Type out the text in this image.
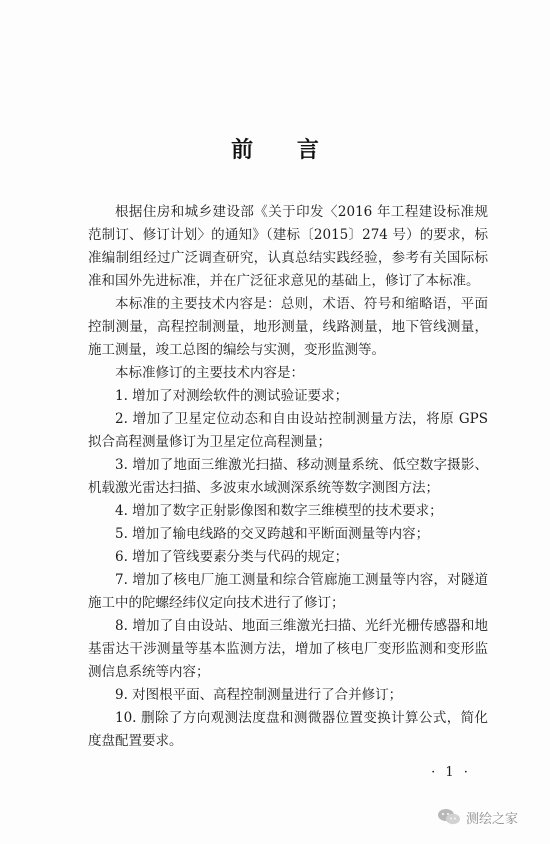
前 言

根据住房和城乡建设部《关于印发〈2016 年工程建设标准规范制订、修订计划〉的通知》（建标〔2015〕274 号）的要求，标准编制组经过广泛调查研究，认真总结实践经验，参考有关国际标准和国外先进标准，并在广泛征求意见的基础上，修订了本标准。

本标准的主要技术内容是：总则，术语、符号和缩略语，平面控制测量，高程控制测量，地形测量，线路测量，地下管线测量，施工测量，竣工总图的编绘与实测，变形监测等。

本标准修订的主要技术内容是：

1. 增加了对测绘软件的测试验证要求；

2. 增加了卫星定位动态和自由设站控制测量方法，将原 GPS 拟合高程测量修订为卫星定位高程测量；

3. 增加了地面三维激光扫描、移动测量系统、低空数字摄影、机载激光雷达扫描、多波束水域测深系统等数字测图方法；

4. 增加了数字正射影像图和数字三维模型的技术要求；

5. 增加了输电线路的交叉跨越和平断面测量等内容；

6. 增加了管线要素分类与代码的规定；

7. 增加了核电厂施工测量和综合管廊施工测量等内容，对隧道施工中的陀螺经纬仪定向技术进行了修订；

8. 增加了自由设站、地面三维激光扫描、光纤光栅传感器和地基雷达干涉测量等基本监测方法，增加了核电厂变形监测和变形监测信息系统等内容；

9. 对图根平面、高程控制测量进行了合并修订；

10. 删除了方向观测法度盘和测微器位置变换计算公式，简化度盘配置要求。

· 1 ·
测绘之家
